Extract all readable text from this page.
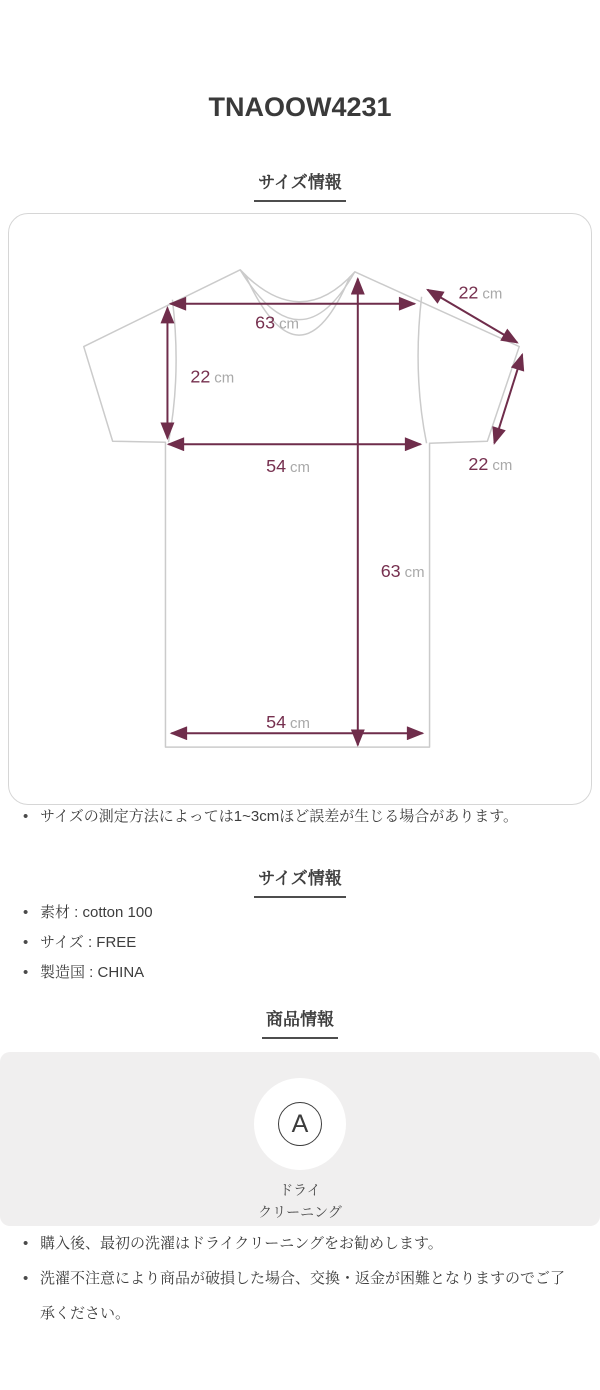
TNAOOW4231
サイズ情報
63 cm
22 cm
22 cm
22 cm
54 cm
63 cm
54 cm
• サイズの測定方法によっては1~3cmほど誤差が生じる場合があります。
サイズ情報
• 素材 : cotton 100
• サイズ : FREE
• 製造国 : CHINA
商品情報
A
ドライ
クリーニング
• 購入後、最初の洗濯はドライクリーニングをお勧めします。
• 洗濯不注意により商品が破損した場合、交換・返金が困難となりますのでご了承ください。
